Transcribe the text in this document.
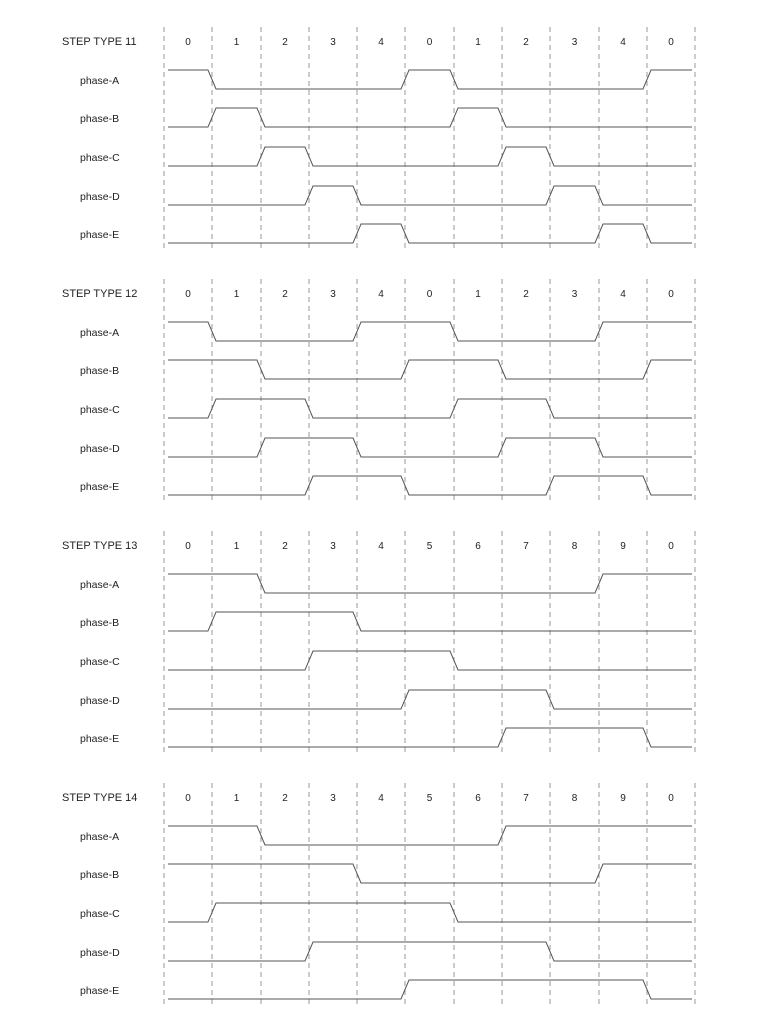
STEP TYPE 11	0	1	2	3	4	0	1	2	3	4	0
phase-A
phase-B
phase-C
phase-D
phase-E
STEP TYPE 12	0	1	2	3	4	0	1	2	3	4	0
phase-A
phase-B
phase-C
phase-D
phase-E
STEP TYPE 13	0	1	2	3	4	5	6	7	8	9	0
phase-A
phase-B
phase-C
phase-D
phase-E
STEP TYPE 14	0	1	2	3	4	5	6	7	8	9	0
phase-A
phase-B
phase-C
phase-D
phase-E
